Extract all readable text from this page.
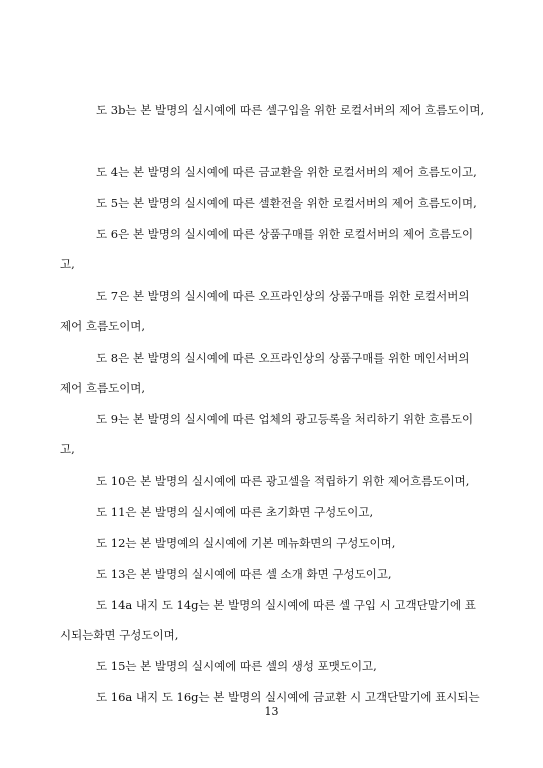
도 3b는 본 발명의 실시예에 따른 셀구입을 위한 로컬서버의 제어 흐름도이며,
도 4는 본 발명의 실시예에 따른 금교환을 위한 로컬서버의 제어 흐름도이고,
도 5는 본 발명의 실시예에 따른 셀환전을 위한 로컬서버의 제어 흐름도이며,
도 6은 본 발명의 실시예에 따른 상품구매를 위한 로컬서버의 제어 흐름도이
고,
도 7은 본 발명의 실시예에 따른 오프라인상의 상품구매를 위한 로컬서버의
제어 흐름도이며,
도 8은 본 발명의 실시예에 따른 오프라인상의 상품구매를 위한 메인서버의
제어 흐름도이며,
도 9는 본 발명의 실시예에 따른 업체의 광고등록을 처리하기 위한 흐름도이
고,
도 10은 본 발명의 실시예에 따른 광고셀을 적립하기 위한 제어흐름도이며,
도 11은 본 발명의 실시예에 따른 초기화면 구성도이고,
도 12는 본 발명예의 실시예에 기본 메뉴화면의 구성도이며,
도 13은 본 발명의 실시예에 따른 셀 소개 화면 구성도이고,
도 14a 내지 도 14g는 본 발명의 실시예에 따른 셀 구입 시 고객단말기에 표
시되는화면 구성도이며,
도 15는 본 발명의 실시예에 따른 셀의 생성 포맷도이고,
도 16a 내지 도 16g는 본 발명의 실시예에 금교환 시 고객단말기에 표시되는
13
